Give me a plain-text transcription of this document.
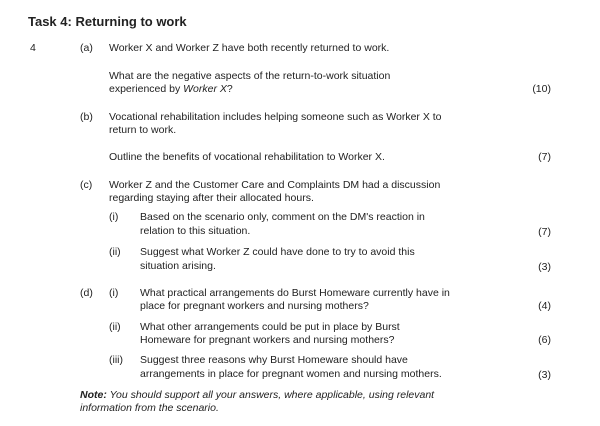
Task 4: Returning to work
4	(a) Worker X and Worker Z have both recently returned to work.
What are the negative aspects of the return-to-work situation
experienced by Worker X?	(10)
(b) Vocational rehabilitation includes helping someone such as Worker X to
return to work.
Outline the benefits of vocational rehabilitation to Worker X.	(7)
(c) Worker Z and the Customer Care and Complaints DM had a discussion
regarding staying after their allocated hours.
(i) Based on the scenario only, comment on the DM's reaction in
relation to this situation.	(7)
(ii) Suggest what Worker Z could have done to try to avoid this
situation arising.	(3)
(d) (i) What practical arrangements do Burst Homeware currently have in
place for pregnant workers and nursing mothers?	(4)
(ii) What other arrangements could be put in place by Burst
Homeware for pregnant workers and nursing mothers?	(6)
(iii) Suggest three reasons why Burst Homeware should have
arrangements in place for pregnant women and nursing mothers.	(3)
Note: You should support all your answers, where applicable, using relevant
information from the scenario.
